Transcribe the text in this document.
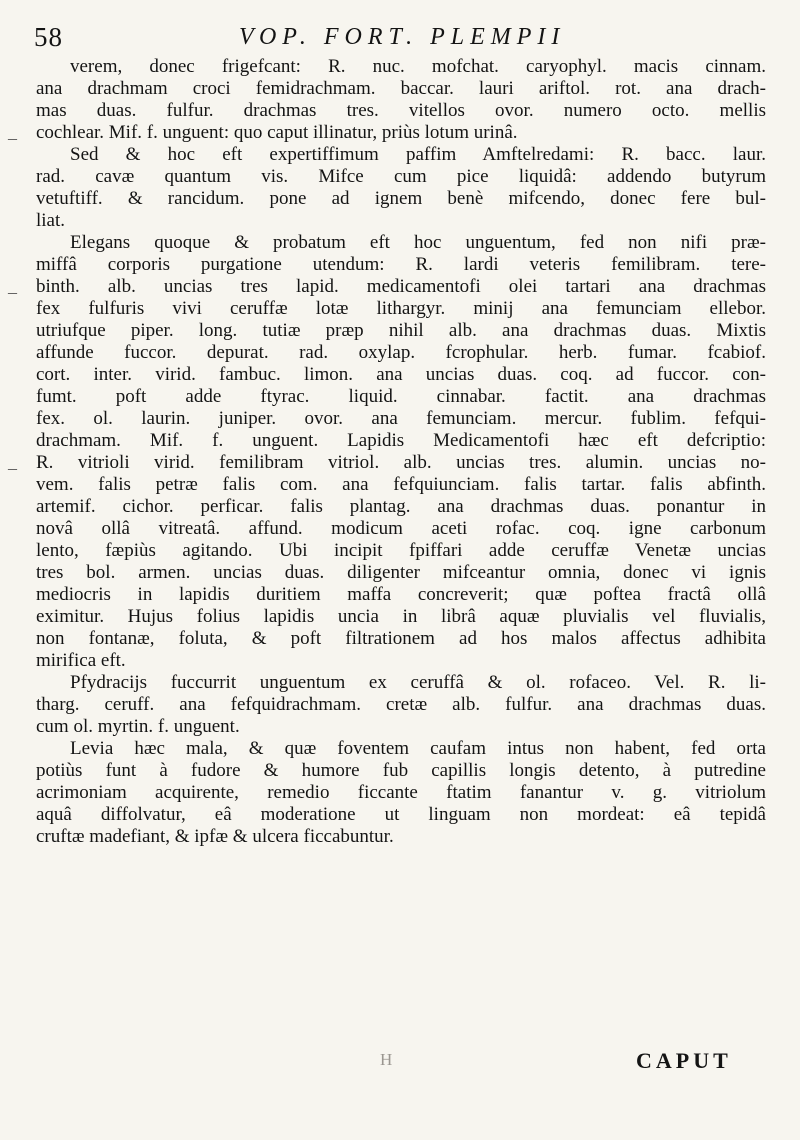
58	VOP. FORT. PLEMPII
verem, donec frigefcant: R. nuc. mofchat. caryophyl. macis cinnam.
ana drachmam croci femidrachmam. baccar. lauri ariftol. rot. ana drach-
mas duas. fulfur. drachmas tres. vitellos ovor. numero octo. mellis
cochlear. Mif. f. unguent: quo caput illinatur, priùs lotum urinâ.
Sed & hoc eft expertiffimum paffim Amftelredami: R. bacc. laur.
rad. cavæ quantum vis. Mifce cum pice liquidâ: addendo butyrum
vetuftiff. & rancidum. pone ad ignem benè mifcendo, donec fere bul-
liat.
Elegans quoque & probatum eft hoc unguentum, fed non nifi præ-
miffâ corporis purgatione utendum: R. lardi veteris femilibram. tere-
binth. alb. uncias tres lapid. medicamentofi olei tartari ana drachmas
fex fulfuris vivi ceruffæ lotæ lithargyr. minij ana femunciam ellebor.
utriufque piper. long. tutiæ præp nihil alb. ana drachmas duas. Mixtis
affunde fuccor. depurat. rad. oxylap. fcrophular. herb. fumar. fcabiof.
cort. inter. virid. fambuc. limon. ana uncias duas. coq. ad fuccor. con-
fumt. poft adde ftyrac. liquid. cinnabar. factit. ana drachmas
fex. ol. laurin. juniper. ovor. ana femunciam. mercur. fublim. fefqui-
drachmam. Mif. f. unguent. Lapidis Medicamentofi hæc eft defcriptio:
R. vitrioli virid. femilibram vitriol. alb. uncias tres. alumin. uncias no-
vem. falis petræ falis com. ana fefquiunciam. falis tartar. falis abfinth.
artemif. cichor. perficar. falis plantag. ana drachmas duas. ponantur in
novâ ollâ vitreatâ. affund. modicum aceti rofac. coq. igne carbonum
lento, fæpiùs agitando. Ubi incipit fpiffari adde ceruffæ Venetæ uncias
tres bol. armen. uncias duas. diligenter mifceantur omnia, donec vi ignis
mediocris in lapidis duritiem maffa concreverit; quæ poftea fractâ ollâ
eximitur. Hujus folius lapidis uncia in librâ aquæ pluvialis vel fluvialis,
non fontanæ, foluta, & poft filtrationem ad hos malos affectus adhibita
mirifica eft.
Pfydracijs fuccurrit unguentum ex ceruffâ & ol. rofaceo. Vel. R. li-
tharg. ceruff. ana fefquidrachmam. cretæ alb. fulfur. ana drachmas duas.
cum ol. myrtin. f. unguent.
Levia hæc mala, & quæ foventem caufam intus non habent, fed orta
potiùs funt à fudore & humore fub capillis longis detento, à putredine
acrimoniam acquirente, remedio ficcante ftatim fanantur v. g. vitriolum
aquâ diffolvatur, eâ moderatione ut linguam non mordeat: eâ tepidâ
cruftæ madefiant, & ipfæ & ulcera ficcabuntur.
–
–
–
H	CAPUT
